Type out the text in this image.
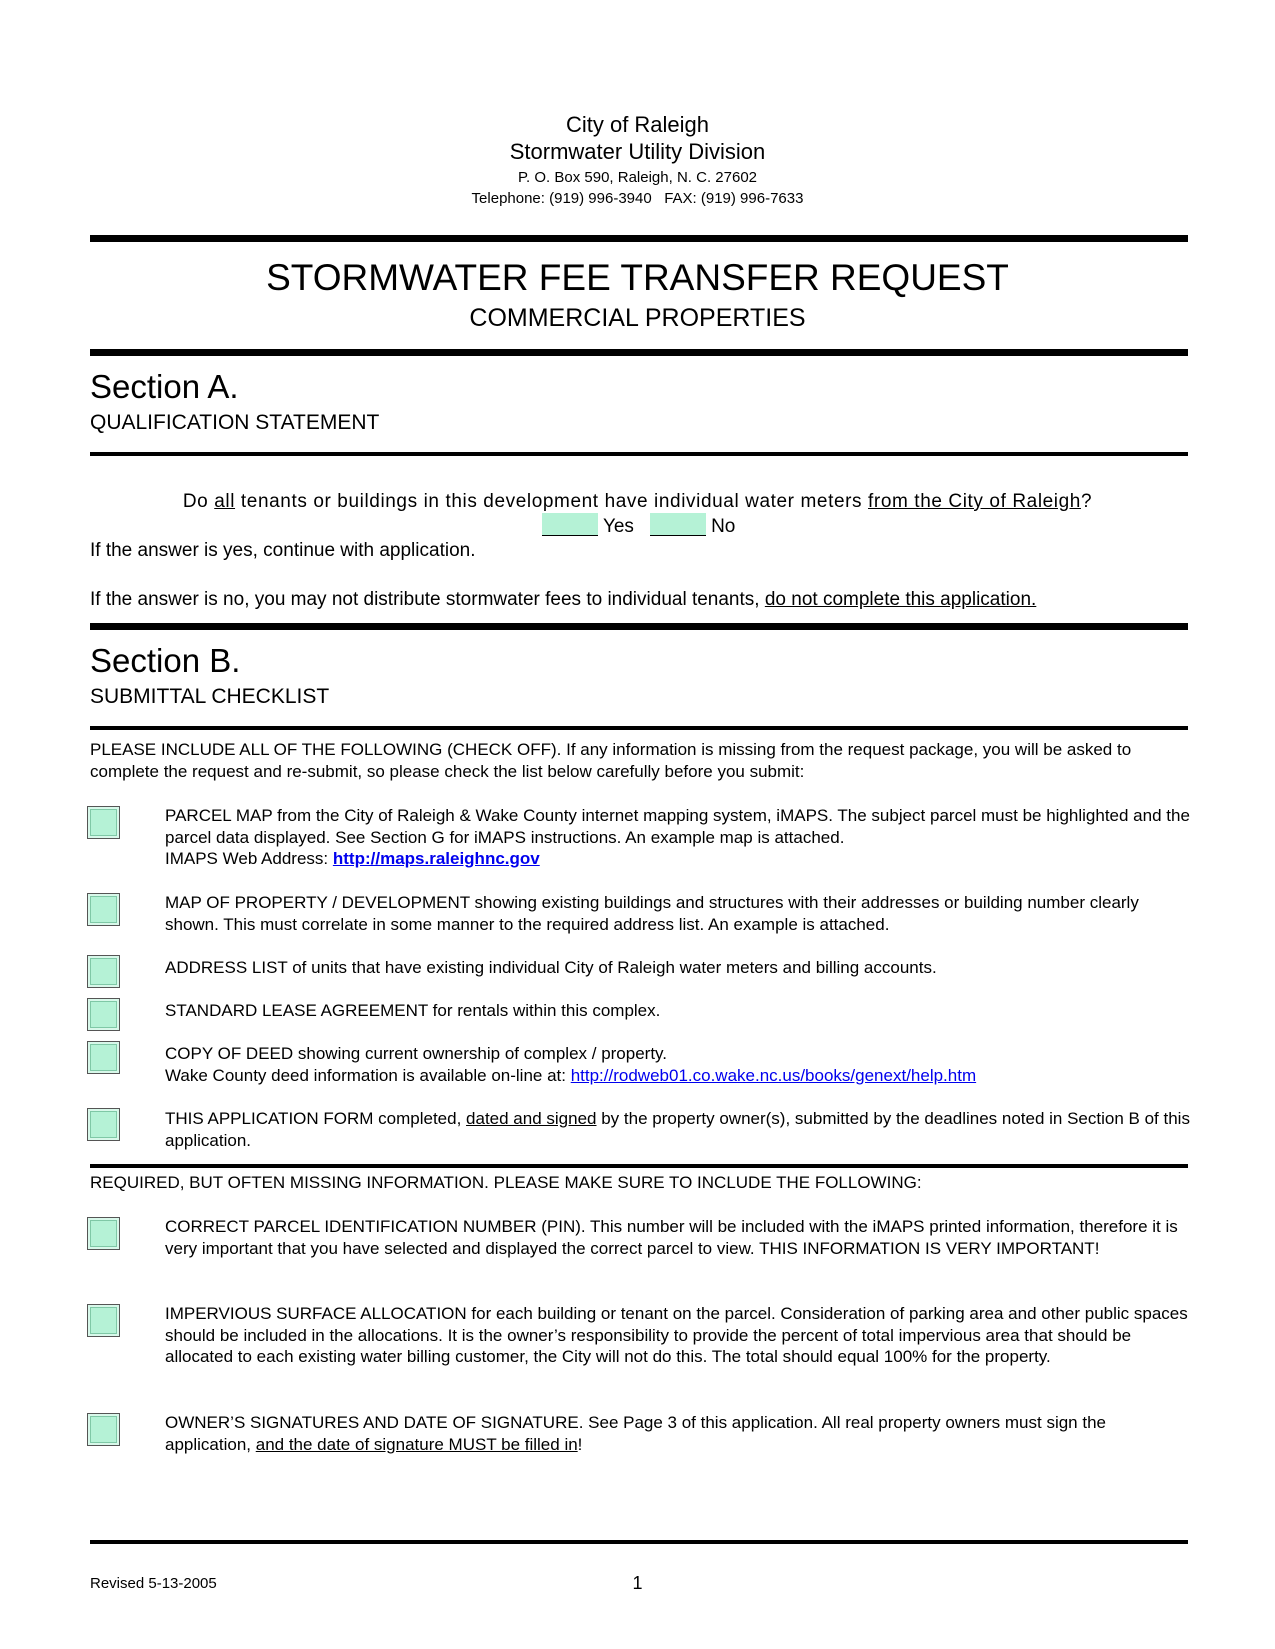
City of Raleigh
Stormwater Utility Division
P. O. Box 590, Raleigh, N. C. 27602
Telephone: (919) 996-3940   FAX: (919) 996-7633
STORMWATER FEE TRANSFER REQUEST
COMMERCIAL PROPERTIES
Section A.
QUALIFICATION STATEMENT
Do all tenants or buildings in this development have individual water meters from the City of Raleigh?
Yes	No
If the answer is yes, continue with application.
If the answer is no, you may not distribute stormwater fees to individual tenants, do not complete this application.
Section B.
SUBMITTAL CHECKLIST
PLEASE INCLUDE ALL OF THE FOLLOWING (CHECK OFF). If any information is missing from the request package, you will be asked to complete the request and re-submit, so please check the list below carefully before you submit:
PARCEL MAP from the City of Raleigh & Wake County internet mapping system, iMAPS. The subject parcel must be highlighted and the parcel data displayed. See Section G for iMAPS instructions. An example map is attached.
IMAPS Web Address: http://maps.raleighnc.gov
MAP OF PROPERTY / DEVELOPMENT showing existing buildings and structures with their addresses or building number clearly shown. This must correlate in some manner to the required address list. An example is attached.
ADDRESS LIST of units that have existing individual City of Raleigh water meters and billing accounts.
STANDARD LEASE AGREEMENT for rentals within this complex.
COPY OF DEED showing current ownership of complex / property.
Wake County deed information is available on-line at: http://rodweb01.co.wake.nc.us/books/genext/help.htm
THIS APPLICATION FORM completed, dated and signed by the property owner(s), submitted by the deadlines noted in Section B of this application.
REQUIRED, BUT OFTEN MISSING INFORMATION. PLEASE MAKE SURE TO INCLUDE THE FOLLOWING:
CORRECT PARCEL IDENTIFICATION NUMBER (PIN). This number will be included with the iMAPS printed information, therefore it is very important that you have selected and displayed the correct parcel to view. THIS INFORMATION IS VERY IMPORTANT!
IMPERVIOUS SURFACE ALLOCATION for each building or tenant on the parcel. Consideration of parking area and other public spaces should be included in the allocations. It is the owner’s responsibility to provide the percent of total impervious area that should be allocated to each existing water billing customer, the City will not do this. The total should equal 100% for the property.
OWNER’S SIGNATURES AND DATE OF SIGNATURE. See Page 3 of this application. All real property owners must sign the application, and the date of signature MUST be filled in!
Revised 5-13-2005	1
